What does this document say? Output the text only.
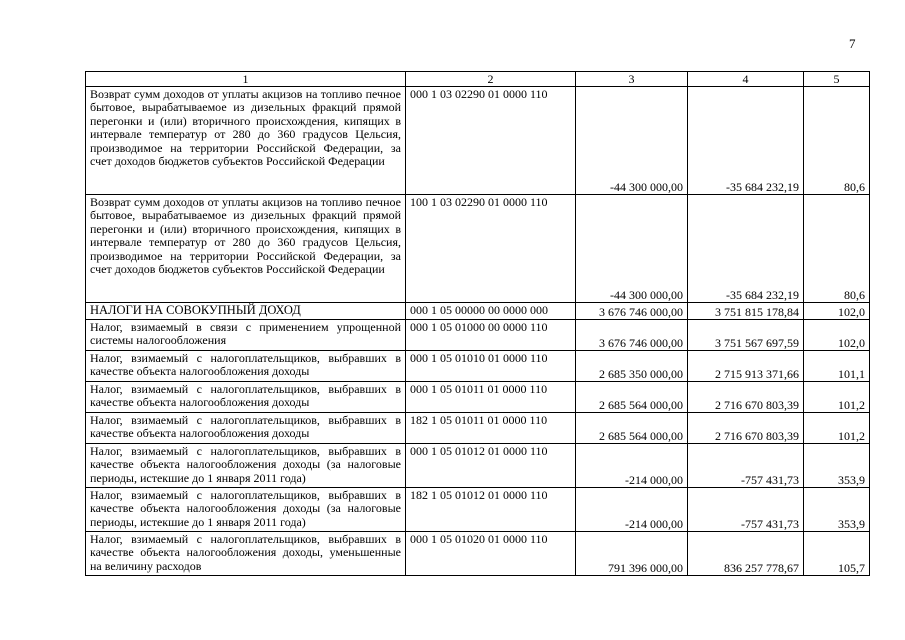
7
1	2	3	4	5
Возврат сумм доходов от уплаты акцизов на топливо печное бытовое, вырабатываемое из дизельных фракций прямой перегонки и (или) вторичного происхождения, кипящих в интервале температур от 280 до 360 градусов Цельсия, производимое на территории Российской Федерации, за счет доходов бюджетов субъектов Российской Федерации	000 1 03 02290 01 0000 110	-44 300 000,00	-35 684 232,19	80,6
Возврат сумм доходов от уплаты акцизов на топливо печное бытовое, вырабатываемое из дизельных фракций прямой перегонки и (или) вторичного происхождения, кипящих в интервале температур от 280 до 360 градусов Цельсия, производимое на территории Российской Федерации, за счет доходов бюджетов субъектов Российской Федерации	100 1 03 02290 01 0000 110	-44 300 000,00	-35 684 232,19	80,6
НАЛОГИ НА СОВОКУПНЫЙ ДОХОД	000 1 05 00000 00 0000 000	3 676 746 000,00	3 751 815 178,84	102,0
Налог, взимаемый в связи с применением упрощенной системы налогообложения	000 1 05 01000 00 0000 110	3 676 746 000,00	3 751 567 697,59	102,0
Налог, взимаемый с налогоплательщиков, выбравших в качестве объекта налогообложения доходы	000 1 05 01010 01 0000 110	2 685 350 000,00	2 715 913 371,66	101,1
Налог, взимаемый с налогоплательщиков, выбравших в качестве объекта налогообложения доходы	000 1 05 01011 01 0000 110	2 685 564 000,00	2 716 670 803,39	101,2
Налог, взимаемый с налогоплательщиков, выбравших в качестве объекта налогообложения доходы	182 1 05 01011 01 0000 110	2 685 564 000,00	2 716 670 803,39	101,2
Налог, взимаемый с налогоплательщиков, выбравших в качестве объекта налогообложения доходы (за налоговые периоды, истекшие до 1 января 2011 года)	000 1 05 01012 01 0000 110	-214 000,00	-757 431,73	353,9
Налог, взимаемый с налогоплательщиков, выбравших в качестве объекта налогообложения доходы (за налоговые периоды, истекшие до 1 января 2011 года)	182 1 05 01012 01 0000 110	-214 000,00	-757 431,73	353,9
Налог, взимаемый с налогоплательщиков, выбравших в качестве объекта налогообложения доходы, уменьшенные на величину расходов	000 1 05 01020 01 0000 110	791 396 000,00	836 257 778,67	105,7
